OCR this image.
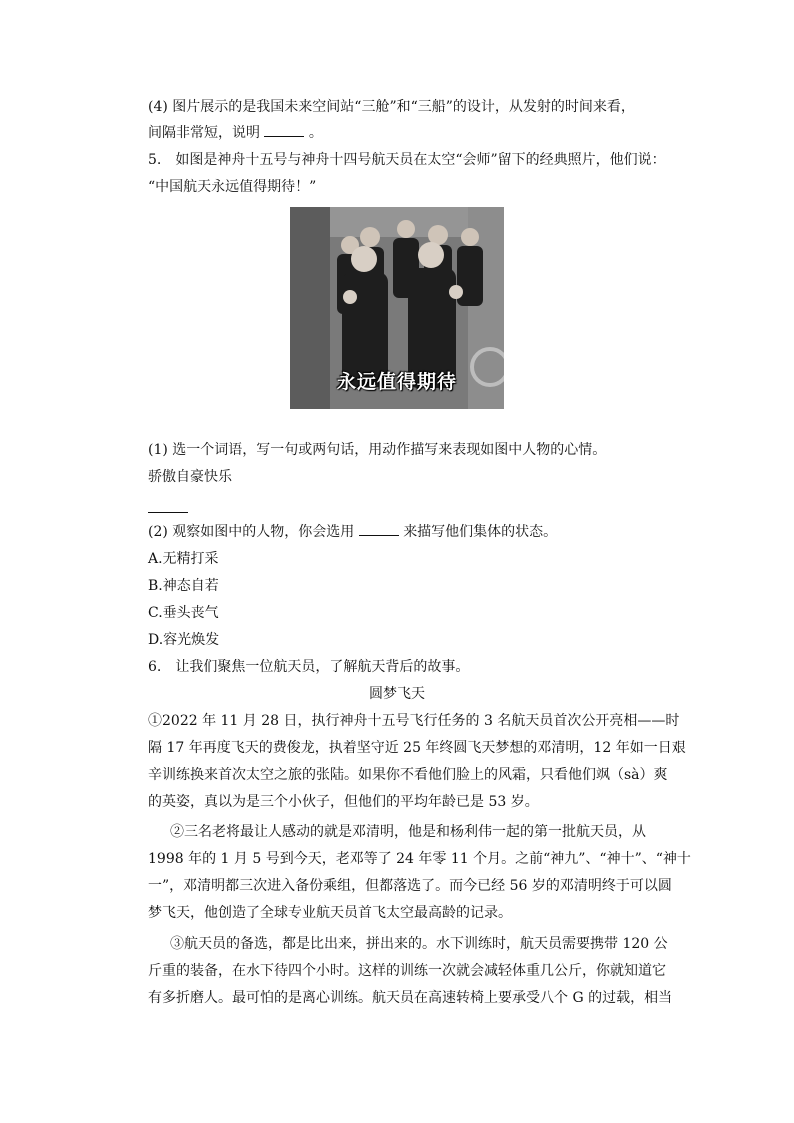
(4) 图片展示的是我国未来空间站“三舱”和“三船”的设计，从发射的时间来看，
间隔非常短，说明	。
5.　如图是神舟十五号与神舟十四号航天员在太空“会师”留下的经典照片，他们说：
“中国航天永远值得期待！”
永远值得期待
(1) 选一个词语，写一句或两句话，用动作描写来表现如图中人物的心情。
骄傲自豪快乐
(2) 观察如图中的人物，你会选用	来描写他们集体的状态。
A.无精打采
B.神态自若
C.垂头丧气
D.容光焕发
6.　让我们聚焦一位航天员，了解航天背后的故事。
圆梦飞天
①2022 年 11 月 28 日，执行神舟十五号飞行任务的 3 名航天员首次公开亮相——时
隔 17 年再度飞天的费俊龙，执着坚守近 25 年终圆飞天梦想的邓清明，12 年如一日艰
辛训练换来首次太空之旅的张陆。如果你不看他们脸上的风霜，只看他们飒（sà）爽
的英姿，真以为是三个小伙子，但他们的平均年龄已是 53 岁。
②三名老将最让人感动的就是邓清明，他是和杨利伟一起的第一批航天员，从
1998 年的 1 月 5 号到今天，老邓等了 24 年零 11 个月。之前“神九”、“神十”、“神十
一”，邓清明都三次进入备份乘组，但都落选了。而今已经 56 岁的邓清明终于可以圆
梦飞天，他创造了全球专业航天员首飞太空最高龄的记录。
③航天员的备选，都是比出来，拼出来的。水下训练时，航天员需要携带 120 公
斤重的装备，在水下待四个小时。这样的训练一次就会减轻体重几公斤，你就知道它
有多折磨人。最可怕的是离心训练。航天员在高速转椅上要承受八个 G 的过载，相当
